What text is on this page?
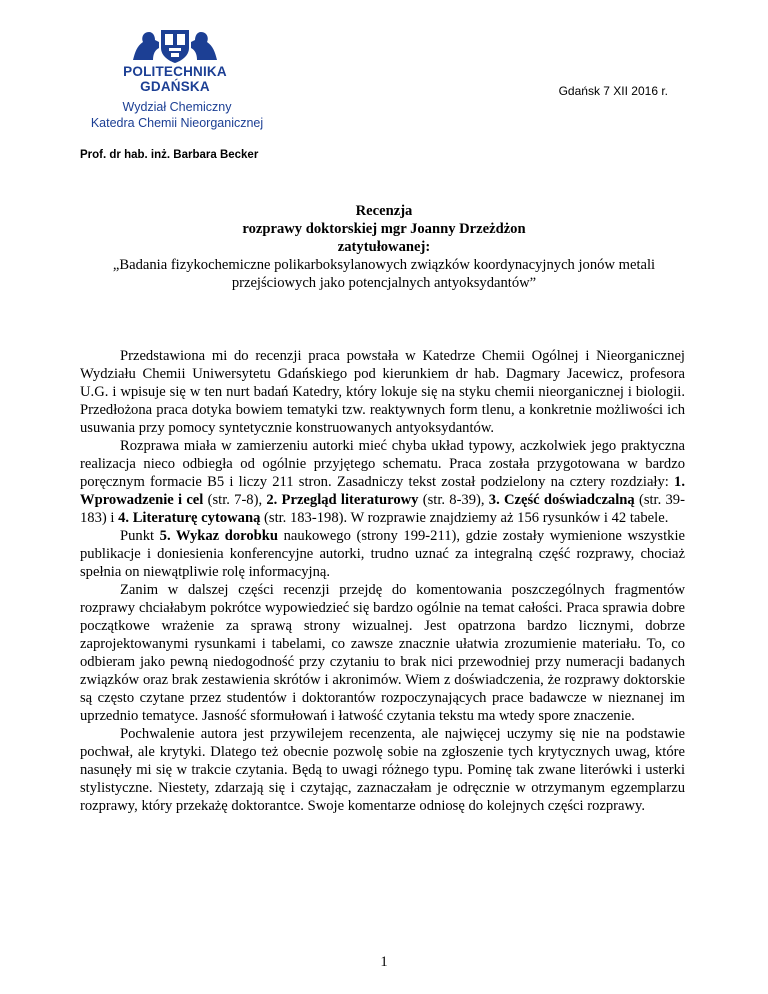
POLITECHNIKA
GDAŃSKA
Wydział Chemiczny
Katedra Chemii Nieorganicznej
Gdańsk 7 XII 2016 r.
Prof. dr hab. inż. Barbara Becker
Recenzja
rozprawy doktorskiej mgr Joanny Drzeżdżon
zatytułowanej:
„Badania fizykochemiczne polikarboksylanowych związków koordynacyjnych jonów metali
przejściowych jako potencjalnych antyoksydantów”

Przedstawiona mi do recenzji praca powstała w Katedrze Chemii Ogólnej i Nieorganicznej Wydziału Chemii Uniwersytetu Gdańskiego pod kierunkiem dr hab. Dagmary Jacewicz, profesora U.G. i wpisuje się w ten nurt badań Katedry, który lokuje się na styku chemii nieorganicznej i biologii. Przedłożona praca dotyka bowiem tematyki tzw. reaktywnych form tlenu, a konkretnie możliwości ich usuwania przy pomocy syntetycznie konstruowanych antyoksydantów.

Rozprawa miała w zamierzeniu autorki mieć chyba układ typowy, aczkolwiek jego praktyczna realizacja nieco odbiegła od ogólnie przyjętego schematu. Praca została przygotowana w bardzo poręcznym formacie B5 i liczy 211 stron. Zasadniczy tekst został podzielony na cztery rozdziały: 1. Wprowadzenie i cel (str. 7-8), 2. Przegląd literaturowy (str. 8-39), 3. Część doświadczalną (str. 39-183) i 4. Literaturę cytowaną (str. 183-198). W rozprawie znajdziemy aż 156 rysunków i 42 tabele.

Punkt 5. Wykaz dorobku naukowego (strony 199-211), gdzie zostały wymienione wszystkie publikacje i doniesienia konferencyjne autorki, trudno uznać za integralną część rozprawy, chociaż spełnia on niewątpliwie rolę informacyjną.

Zanim w dalszej części recenzji przejdę do komentowania poszczególnych fragmentów rozprawy chciałabym pokrótce wypowiedzieć się bardzo ogólnie na temat całości. Praca sprawia dobre początkowe wrażenie za sprawą strony wizualnej. Jest opatrzona bardzo licznymi, dobrze zaprojektowanymi rysunkami i tabelami, co zawsze znacznie ułatwia zrozumienie materiału. To, co odbieram jako pewną niedogodność przy czytaniu to brak nici przewodniej przy numeracji badanych związków oraz brak zestawienia skrótów i akronimów. Wiem z doświadczenia, że rozprawy doktorskie są często czytane przez studentów i doktorantów rozpoczynających prace badawcze w nieznanej im uprzednio tematyce. Jasność sformułowań i łatwość czytania tekstu ma wtedy spore znaczenie.

Pochwalenie autora jest przywilejem recenzenta, ale najwięcej uczymy się nie na podstawie pochwał, ale krytyki. Dlatego też obecnie pozwolę sobie na zgłoszenie tych krytycznych uwag, które nasunęły mi się w trakcie czytania. Będą to uwagi różnego typu. Pominę tak zwane literówki i usterki stylistyczne. Niestety, zdarzają się i czytając, zaznaczałam je odręcznie w otrzymanym egzemplarzu rozprawy, który przekażę doktorantce. Swoje komentarze odniosę do kolejnych części rozprawy.

1
